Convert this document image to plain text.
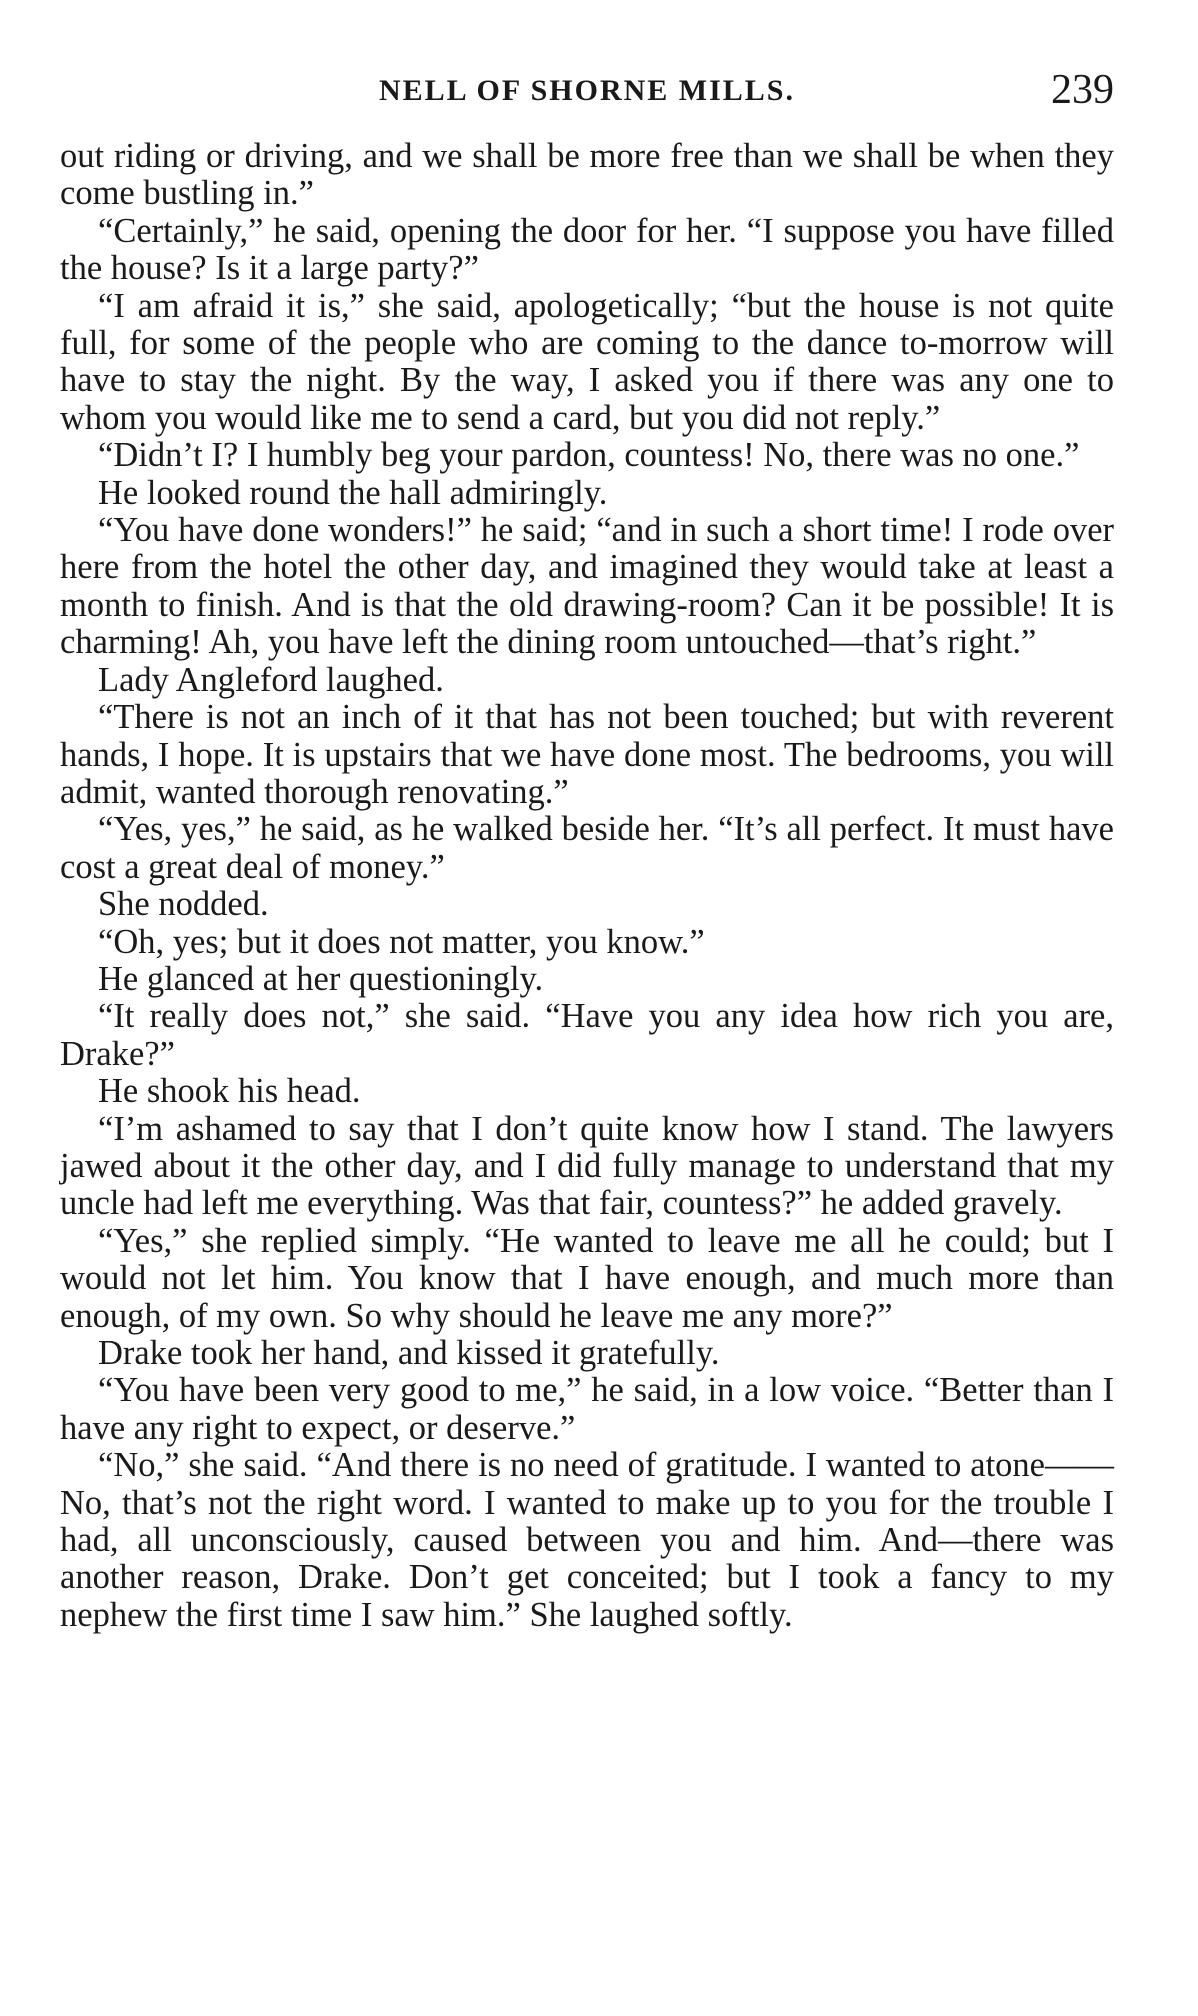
NELL OF SHORNE MILLS.	239

out riding or driving, and we shall be more free than we shall be when they come bustling in.”

“Certainly,” he said, opening the door for her. “I suppose you have filled the house? Is it a large party?”

“I am afraid it is,” she said, apologetically; “but the house is not quite full, for some of the people who are coming to the dance to-morrow will have to stay the night. By the way, I asked you if there was any one to whom you would like me to send a card, but you did not reply.”

“Didn’t I? I humbly beg your pardon, countess! No, there was no one.”

He looked round the hall admiringly.

“You have done wonders!” he said; “and in such a short time! I rode over here from the hotel the other day, and imagined they would take at least a month to finish. And is that the old drawing-room? Can it be possible! It is charming! Ah, you have left the dining room untouched—that’s right.”

Lady Angleford laughed.

“There is not an inch of it that has not been touched; but with reverent hands, I hope. It is upstairs that we have done most. The bedrooms, you will admit, wanted thorough renovating.”

“Yes, yes,” he said, as he walked beside her. “It’s all perfect. It must have cost a great deal of money.”

She nodded.

“Oh, yes; but it does not matter, you know.”

He glanced at her questioningly.

“It really does not,” she said. “Have you any idea how rich you are, Drake?”

He shook his head.

“I’m ashamed to say that I don’t quite know how I stand. The lawyers jawed about it the other day, and I did fully manage to understand that my uncle had left me everything. Was that fair, countess?” he added gravely.

“Yes,” she replied simply. “He wanted to leave me all he could; but I would not let him. You know that I have enough, and much more than enough, of my own. So why should he leave me any more?”

Drake took her hand, and kissed it gratefully.

“You have been very good to me,” he said, in a low voice. “Better than I have any right to expect, or deserve.”

“No,” she said. “And there is no need of gratitude. I wanted to atone—— No, that’s not the right word. I wanted to make up to you for the trouble I had, all unconsciously, caused between you and him. And—there was another reason, Drake. Don’t get conceited; but I took a fancy to my nephew the first time I saw him.” She laughed softly.
